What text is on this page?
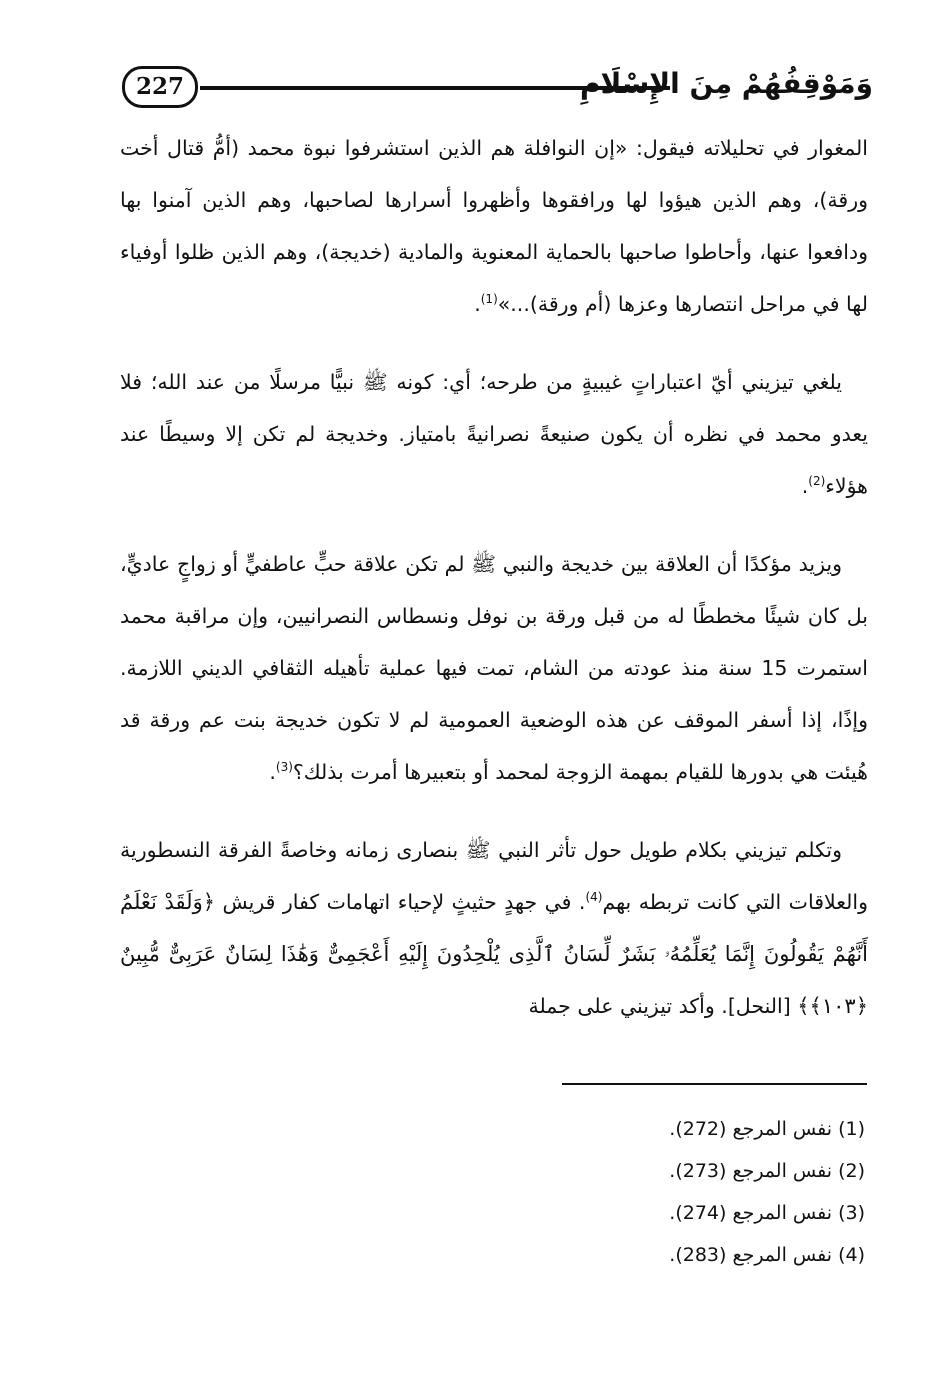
227	وَمَوْقِفُهُمْ مِنَ الإِسْلَامِ

المغوار في تحليلاته فيقول: «إن النوافلة هم الذين استشرفوا نبوة محمد (أمُّ قتال أخت ورقة)، وهم الذين هيؤوا لها ورافقوها وأظهروا أسرارها لصاحبها، وهم الذين آمنوا بها ودافعوا عنها، وأحاطوا صاحبها بالحماية المعنوية والمادية (خديجة)، وهم الذين ظلوا أوفياء لها في مراحل انتصارها وعزها (أم ورقة)...»$^{(1)}$.

يلغي تيزيني أيّ اعتباراتٍ غيبيةٍ من طرحه؛ أي: كونه ﷺ نبيًّا مرسلًا من عند الله؛ فلا يعدو محمد في نظره أن يكون صنيعةً نصرانيةً بامتياز. وخديجة لم تكن إلا وسيطًا عند هؤلاء$^{(2)}$.

ويزيد مؤكدًا أن العلاقة بين خديجة والنبي ﷺ لم تكن علاقة حبٍّ عاطفيٍّ أو زواجٍ عاديٍّ، بل كان شيئًا مخططًا له من قبل ورقة بن نوفل ونسطاس النصرانيين، وإن مراقبة محمد استمرت 15 سنة منذ عودته من الشام، تمت فيها عملية تأهيله الثقافي الديني اللازمة. وإذًا، إذا أسفر الموقف عن هذه الوضعية العمومية لم لا تكون خديجة بنت عم ورقة قد هُيئت هي بدورها للقيام بمهمة الزوجة لمحمد أو بتعبيرها أمرت بذلك؟$^{(3)}$.

وتكلم تيزيني بكلام طويل حول تأثر النبي ﷺ بنصارى زمانه وخاصةً الفرقة النسطورية والعلاقات التي كانت تربطه بهم$^{(4)}$. في جهدٍ حثيثٍ لإحياء اتهامات كفار قريش ﴿وَلَقَدْ نَعْلَمُ أَنَّهُمْ يَقُولُونَ إِنَّمَا يُعَلِّمُهُۥ بَشَرٌ لِّسَانُ ٱلَّذِى يُلْحِدُونَ إِلَيْهِ أَعْجَمِىٌّ وَهَٰذَا لِسَانٌ عَرَبِىٌّ مُّبِينٌ ﴿١٠٣﴾﴾ [النحل]. وأكد تيزيني على جملة

(1) نفس المرجع (272).

(2) نفس المرجع (273).

(3) نفس المرجع (274).

(4) نفس المرجع (283).
